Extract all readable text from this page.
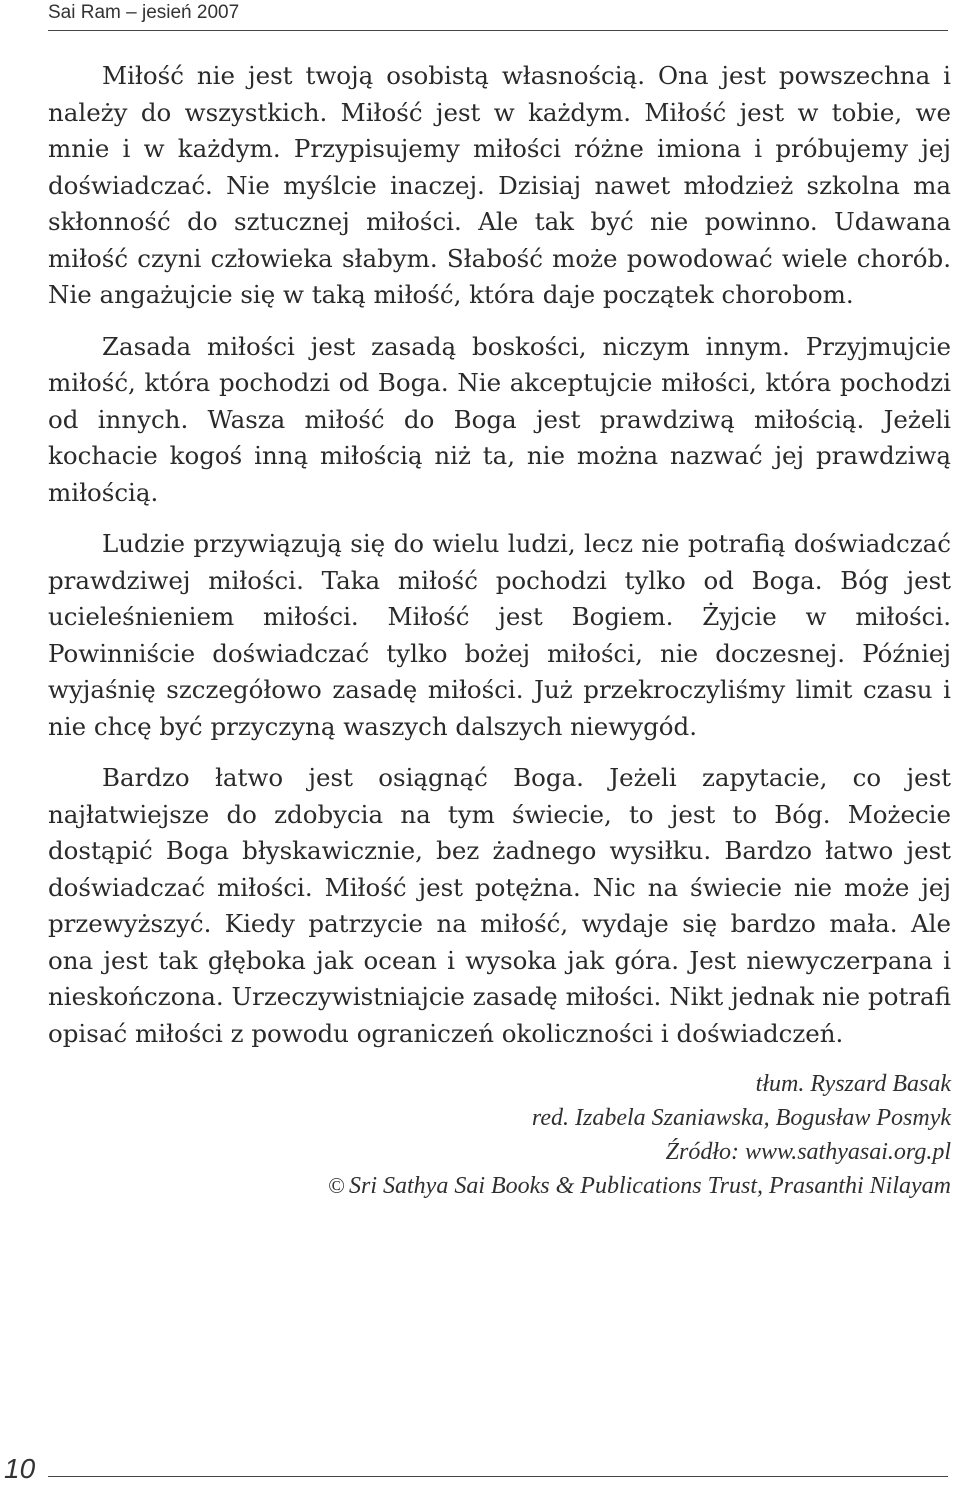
Sai Ram – jesień 2007

Miłość nie jest twoją osobistą własnością. Ona jest powszechna i należy do wszystkich. Miłość jest w każdym. Miłość jest w tobie, we mnie i w każdym. Przypisujemy miłości różne imiona i próbujemy jej doświadczać. Nie myślcie inaczej. Dzisiaj nawet młodzież szkolna ma skłonność do sztucznej miłości. Ale tak być nie powinno. Udawana miłość czyni człowieka słabym. Słabość może powodować wiele chorób. Nie angażujcie się w taką miłość, która daje początek chorobom.

Zasada miłości jest zasadą boskości, niczym innym. Przyjmujcie miłość, która pochodzi od Boga. Nie akceptujcie miłości, która pochodzi od innych. Wasza miłość do Boga jest prawdziwą miłością. Jeżeli kochacie kogoś inną miłością niż ta, nie można nazwać jej prawdziwą miłością.

Ludzie przywiązują się do wielu ludzi, lecz nie potrafią doświadczać prawdziwej miłości. Taka miłość pochodzi tylko od Boga. Bóg jest ucieleśnieniem miłości. Miłość jest Bogiem. Żyjcie w miłości. Powinniście doświadczać tylko bożej miłości, nie doczesnej. Później wyjaśnię szczegółowo zasadę miłości. Już przekroczyliśmy limit czasu i nie chcę być przyczyną waszych dalszych niewygód.

Bardzo łatwo jest osiągnąć Boga. Jeżeli zapytacie, co jest najłatwiejsze do zdobycia na tym świecie, to jest to Bóg. Możecie dostąpić Boga błyskawicznie, bez żadnego wysiłku. Bardzo łatwo jest doświadczać miłości. Miłość jest potężna. Nic na świecie nie może jej przewyższyć. Kiedy patrzycie na miłość, wydaje się bardzo mała. Ale ona jest tak głęboka jak ocean i wysoka jak góra. Jest niewyczerpana i nieskończona. Urzeczywistniajcie zasadę miłości. Nikt jednak nie potrafi opisać miłości z powodu ograniczeń okoliczności i doświadczeń.

tłum. Ryszard Basak
red. Izabela Szaniawska, Bogusław Posmyk
Źródło: www.sathyasai.org.pl
© Sri Sathya Sai Books & Publications Trust, Prasanthi Nilayam
10
